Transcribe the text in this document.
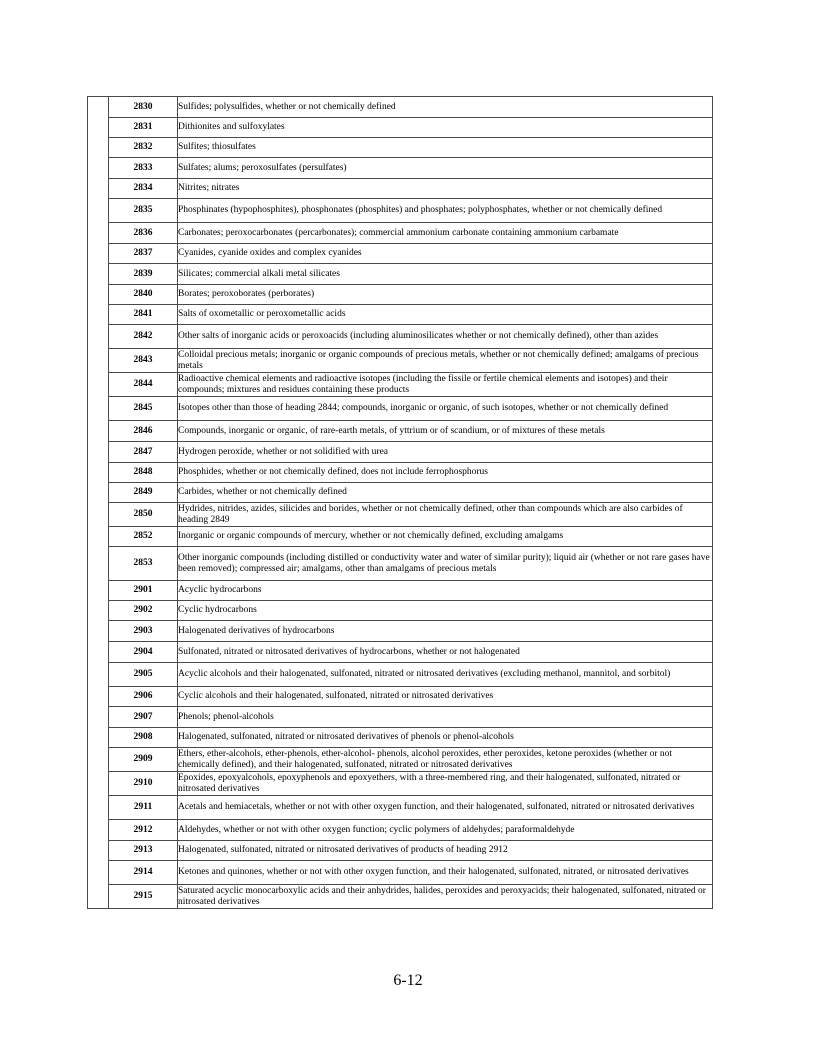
	2830	Sulfides; polysulfides, whether or not chemically defined
	2831	Dithionites and sulfoxylates
	2832	Sulfites; thiosulfates
	2833	Sulfates; alums; peroxosulfates (persulfates)
	2834	Nitrites; nitrates
	2835	Phosphinates (hypophosphites), phosphonates (phosphites) and phosphates; polyphosphates, whether or not chemically defined
	2836	Carbonates; peroxocarbonates (percarbonates); commercial ammonium carbonate containing ammonium carbamate
	2837	Cyanides, cyanide oxides and complex cyanides
	2839	Silicates; commercial alkali metal silicates
	2840	Borates; peroxoborates (perborates)
	2841	Salts of oxometallic or peroxometallic acids
	2842	Other salts of inorganic acids or peroxoacids (including aluminosilicates whether or not chemically defined), other than azides
	2843	Colloidal precious metals; inorganic or organic compounds of precious metals, whether or not chemically defined; amalgams of precious metals
	2844	Radioactive chemical elements and radioactive isotopes (including the fissile or fertile chemical elements and isotopes) and their compounds; mixtures and residues containing these products
	2845	Isotopes other than those of heading 2844; compounds, inorganic or organic, of such isotopes, whether or not chemically defined
	2846	Compounds, inorganic or organic, of rare-earth metals, of yttrium or of scandium, or of mixtures of these metals
	2847	Hydrogen peroxide, whether or not solidified with urea
	2848	Phosphides, whether or not chemically defined, does not include ferrophosphorus
	2849	Carbides, whether or not chemically defined
	2850	Hydrides, nitrides, azides, silicides and borides, whether or not chemically defined, other than compounds which are also carbides of heading 2849
	2852	Inorganic or organic compounds of mercury, whether or not chemically defined, excluding amalgams
	2853	Other inorganic compounds (including distilled or conductivity water and water of similar purity); liquid air (whether or not rare gases have been removed); compressed air; amalgams, other than amalgams of precious metals
	2901	Acyclic hydrocarbons
	2902	Cyclic hydrocarbons
	2903	Halogenated derivatives of hydrocarbons
	2904	Sulfonated, nitrated or nitrosated derivatives of hydrocarbons, whether or not halogenated
	2905	Acyclic alcohols and their halogenated, sulfonated, nitrated or nitrosated derivatives (excluding methanol, mannitol, and sorbitol)
	2906	Cyclic alcohols and their halogenated, sulfonated, nitrated or nitrosated derivatives
	2907	Phenols; phenol-alcohols
	2908	Halogenated, sulfonated, nitrated or nitrosated derivatives of phenols or phenol-alcohols
	2909	Ethers, ether-alcohols, ether-phenols, ether-alcohol- phenols, alcohol peroxides, ether peroxides, ketone peroxides (whether or not chemically defined), and their halogenated, sulfonated, nitrated or nitrosated derivatives
	2910	Epoxides, epoxyalcohols, epoxyphenols and epoxyethers, with a three-membered ring, and their halogenated, sulfonated, nitrated or nitrosated derivatives
	2911	Acetals and hemiacetals, whether or not with other oxygen function, and their halogenated, sulfonated, nitrated or nitrosated derivatives
	2912	Aldehydes, whether or not with other oxygen function; cyclic polymers of aldehydes; paraformaldehyde
	2913	Halogenated, sulfonated, nitrated or nitrosated derivatives of products of heading 2912
	2914	Ketones and quinones, whether or not with other oxygen function, and their halogenated, sulfonated, nitrated, or nitrosated derivatives
	2915	Saturated acyclic monocarboxylic acids and their anhydrides, halides, peroxides and peroxyacids; their halogenated, sulfonated, nitrated or nitrosated derivatives
6-12
